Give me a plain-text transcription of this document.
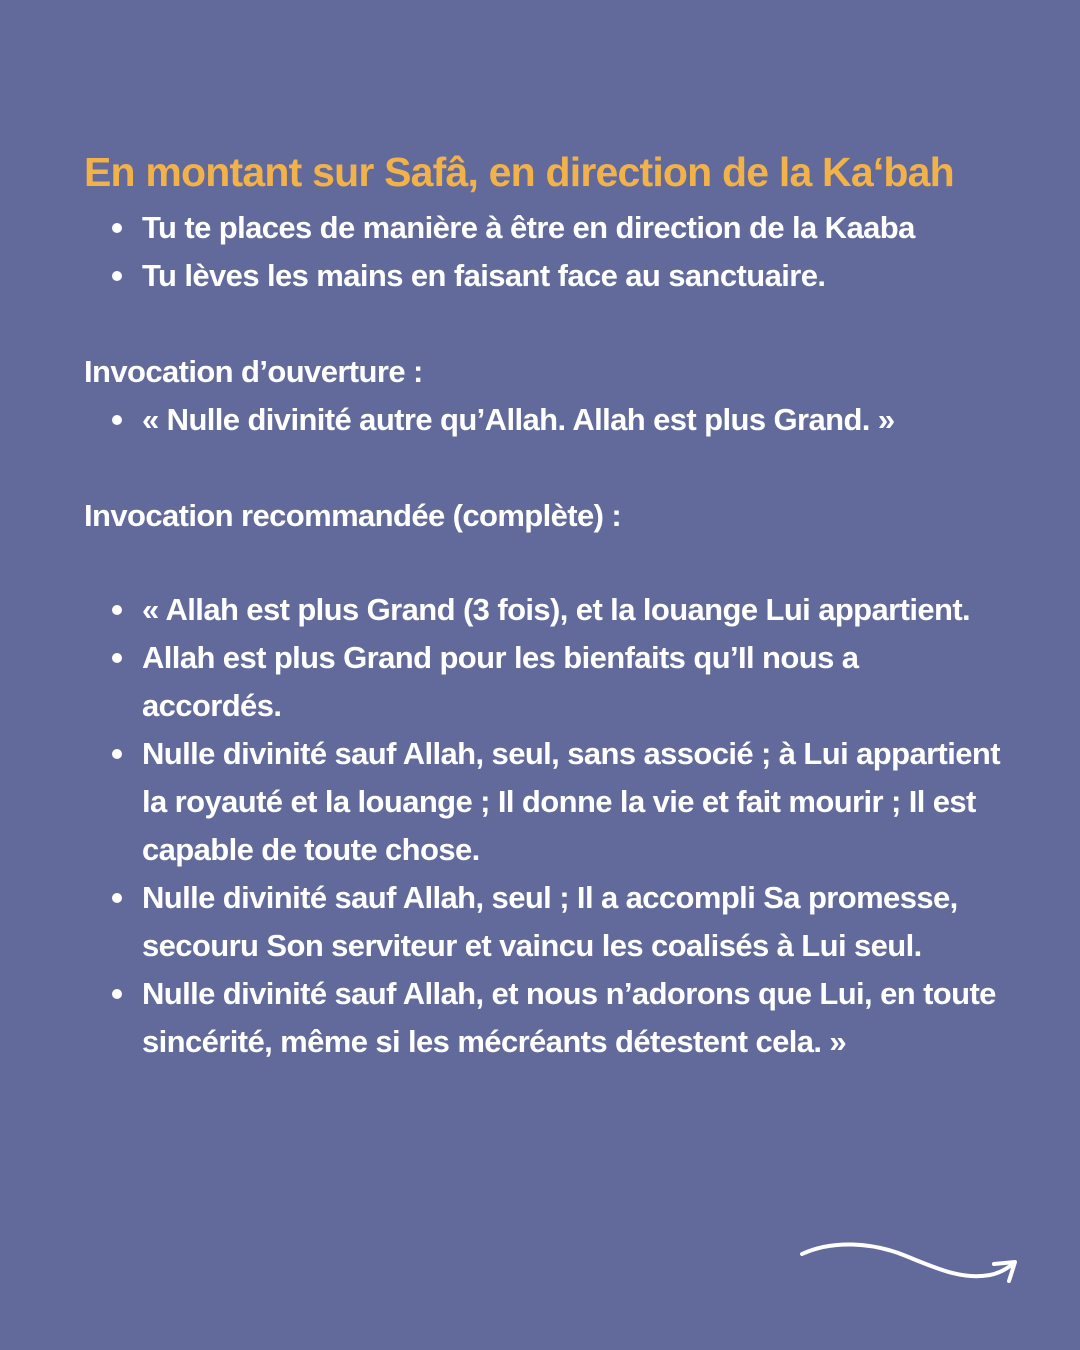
En montant sur Safâ, en direction de la Ka‘bah
Tu te places de manière à être en direction de la Kaaba
Tu lèves les mains en faisant face au sanctuaire.

Invocation d’ouverture :

« Nulle divinité autre qu’Allah. Allah est plus Grand. »

Invocation recommandée (complète) :

« Allah est plus Grand (3 fois), et la louange Lui appartient.
Allah est plus Grand pour les bienfaits qu’Il nous a accordés.
Nulle divinité sauf Allah, seul, sans associé ; à Lui appartient la royauté et la louange ; Il donne la vie et fait mourir ; Il est capable de toute chose.
Nulle divinité sauf Allah, seul ; Il a accompli Sa promesse, secouru Son serviteur et vaincu les coalisés à Lui seul.
Nulle divinité sauf Allah, et nous n’adorons que Lui, en toute sincérité, même si les mécréants détestent cela. »
